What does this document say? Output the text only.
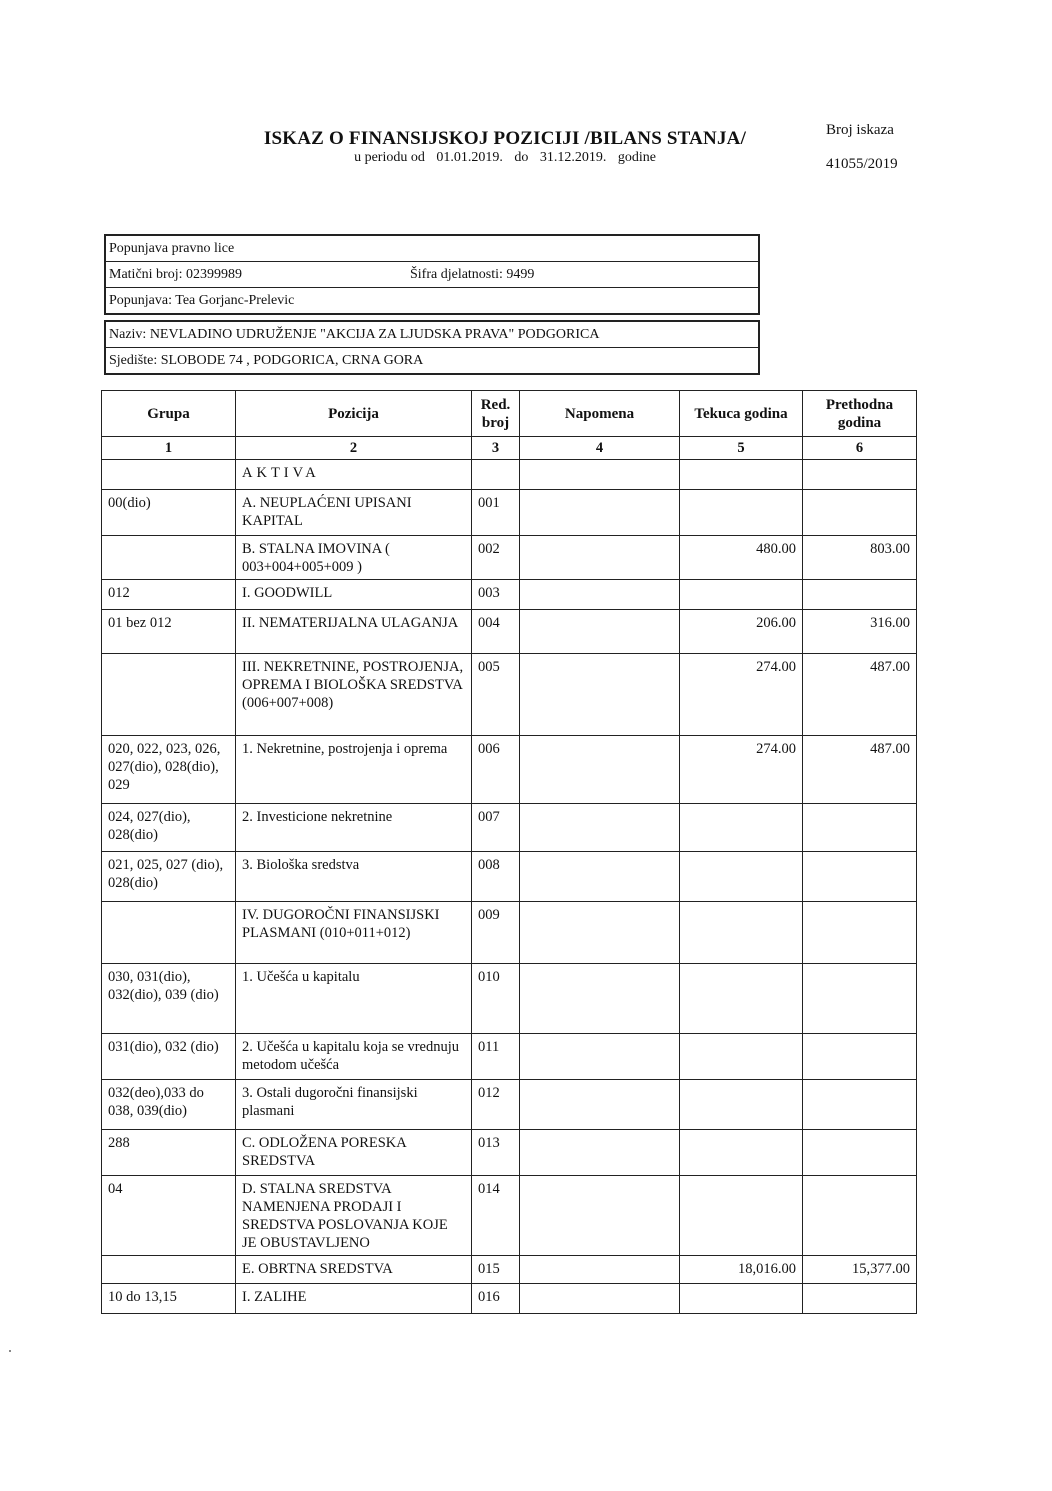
ISKAZ O FINANSIJSKOJ POZICIJI /BILANS STANJA/
u periodu od 01.01.2019. do 31.12.2019. godine
Broj iskaza
41055/2019
Popunjava pravno lice
Matični broj: 02399989	Šifra djelatnosti: 9499
Popunjava: Tea Gorjanc-Prelevic
Naziv: NEVLADINO UDRUŽENJE "AKCIJA ZA LJUDSKA PRAVA" PODGORICA
Sjedište: SLOBODE 74 , PODGORICA, CRNA GORA
Grupa	Pozicija	Red. broj	Napomena	Tekuca godina	Prethodna godina
1	2	3	4	5	6
	AKTIVA				
00(dio)	A. NEUPLAĆENI UPISANI KAPITAL	001			
	B. STALNA IMOVINA ( 003+004+005+009 )	002		480.00	803.00
012	I. GOODWILL	003			
01 bez 012	II. NEMATERIJALNA ULAGANJA	004		206.00	316.00
	III. NEKRETNINE, POSTROJENJA, OPREMA I BIOLOŠKA SREDSTVA (006+007+008)	005		274.00	487.00
020, 022, 023, 026, 027(dio), 028(dio), 029	1. Nekretnine, postrojenja i oprema	006		274.00	487.00
024, 027(dio), 028(dio)	2. Investicione nekretnine	007			
021, 025, 027 (dio), 028(dio)	3. Biološka sredstva	008			
	IV. DUGOROČNI FINANSIJSKI PLASMANI (010+011+012)	009			
030, 031(dio), 032(dio), 039 (dio)	1. Učešća u kapitalu	010			
031(dio), 032 (dio)	2. Učešća u kapitalu koja se vrednuju metodom učešća	011			
032(deo),033 do 038, 039(dio)	3. Ostali dugoročni finansijski plasmani	012			
288	C. ODLOŽENA PORESKA SREDSTVA	013			
04	D. STALNA SREDSTVA NAMENJENA PRODAJI I SREDSTVA POSLOVANJA KOJE JE OBUSTAVLJENO	014			
	E. OBRTNA SREDSTVA	015		18,016.00	15,377.00
10 do 13,15	I. ZALIHE	016			
